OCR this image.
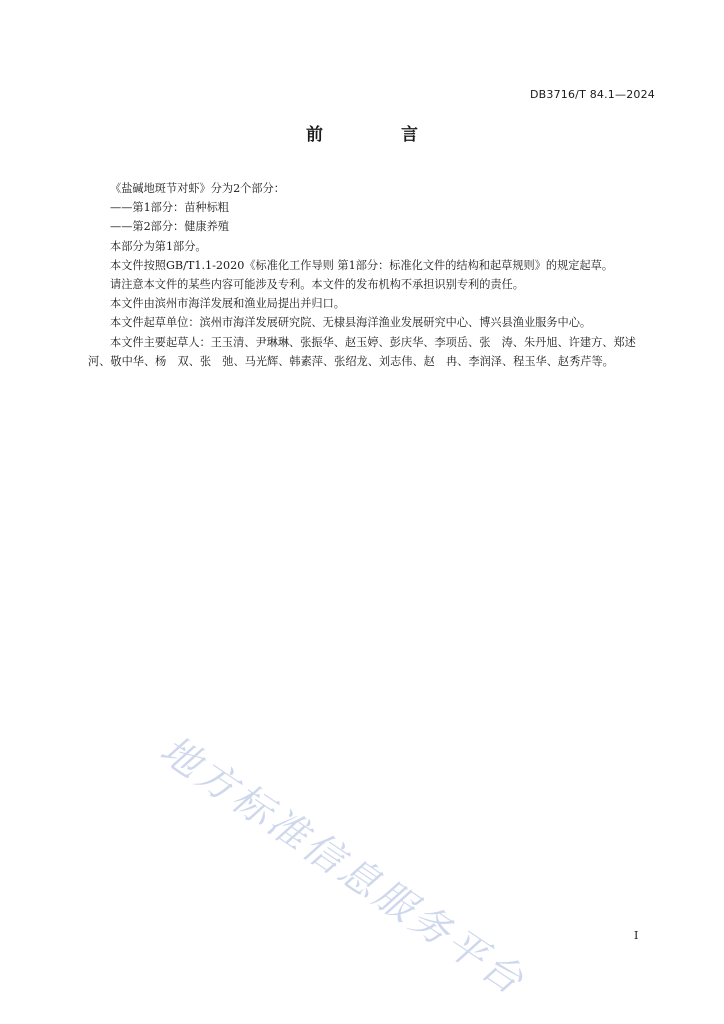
DB3716/T 84.1—2024
前 言

《盐碱地斑节对虾》分为2个部分：

——第1部分：苗种标粗

——第2部分：健康养殖

本部分为第1部分。

本文件按照GB/T1.1-2020《标准化工作导则 第1部分：标准化文件的结构和起草规则》的规定起草。

请注意本文件的某些内容可能涉及专利。本文件的发布机构不承担识别专利的责任。

本文件由滨州市海洋发展和渔业局提出并归口。

本文件起草单位：滨州市海洋发展研究院、无棣县海洋渔业发展研究中心、博兴县渔业服务中心。

本文件主要起草人：王玉清、尹琳琳、张振华、赵玉婷、彭庆华、李项岳、张　涛、朱丹旭、许建方、郑述河、敬中华、杨　双、张　弛、马光辉、韩素萍、张绍龙、刘志伟、赵　冉、李润泽、程玉华、赵秀芹等。

地方标准信息服务平台	I
